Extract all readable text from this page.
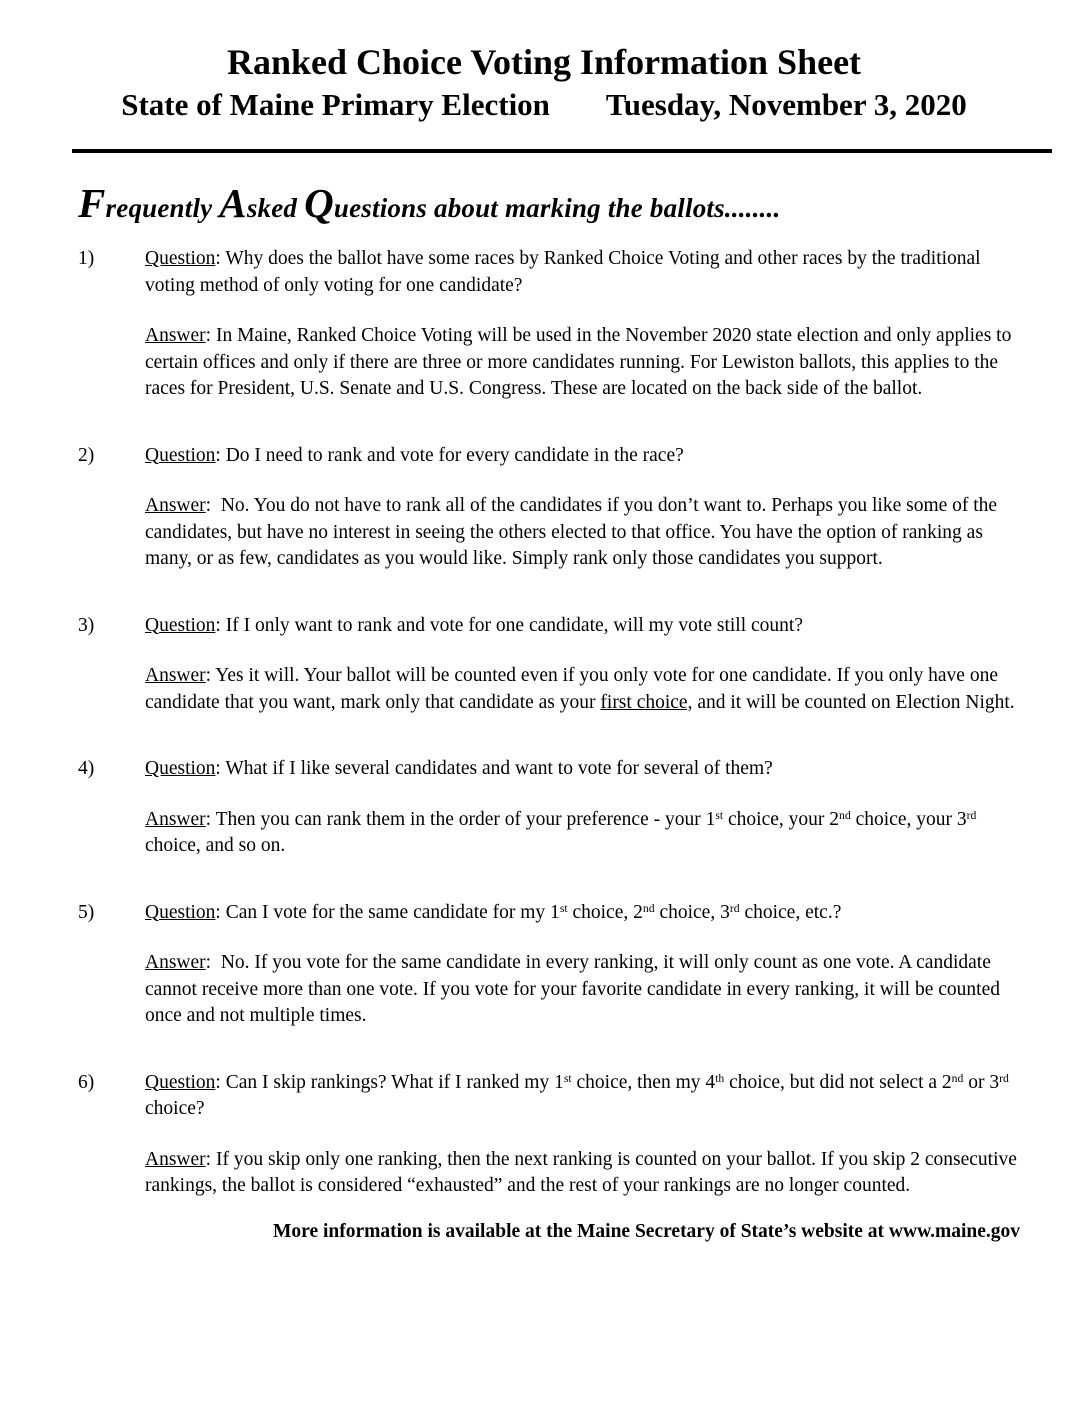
Ranked Choice Voting Information Sheet
State of Maine Primary Election Tuesday, November 3, 2020
Frequently Asked Questions about marking the ballots........
1)	Question: Why does the ballot have some races by Ranked Choice Voting and other races by the traditional voting method of only voting for one candidate?

Answer: In Maine, Ranked Choice Voting will be used in the November 2020 state election and only applies to certain offices and only if there are three or more candidates running. For Lewiston ballots, this applies to the races for President, U.S. Senate and U.S. Congress. These are located on the back side of the ballot.

2)	Question: Do I need to rank and vote for every candidate in the race?

Answer:  No. You do not have to rank all of the candidates if you don’t want to. Perhaps you like some of the candidates, but have no interest in seeing the others elected to that office. You have the option of ranking as many, or as few, candidates as you would like. Simply rank only those candidates you support.

3)	Question: If I only want to rank and vote for one candidate, will my vote still count?

Answer: Yes it will. Your ballot will be counted even if you only vote for one candidate. If you only have one candidate that you want, mark only that candidate as your first choice, and it will be counted on Election Night.

4)	Question: What if I like several candidates and want to vote for several of them?

Answer: Then you can rank them in the order of your preference - your 1st choice, your 2nd choice, your 3rd choice, and so on.

5)	Question: Can I vote for the same candidate for my 1st choice, 2nd choice, 3rd choice, etc.?

Answer:  No. If you vote for the same candidate in every ranking, it will only count as one vote. A candidate cannot receive more than one vote. If you vote for your favorite candidate in every ranking, it will be counted once and not multiple times.

6)	Question: Can I skip rankings? What if I ranked my 1st choice, then my 4th choice, but did not select a 2nd or 3rd choice?

Answer: If you skip only one ranking, then the next ranking is counted on your ballot. If you skip 2 consecutive rankings, the ballot is considered “exhausted” and the rest of your rankings are no longer counted.

More information is available at the Maine Secretary of State’s website at www.maine.gov
